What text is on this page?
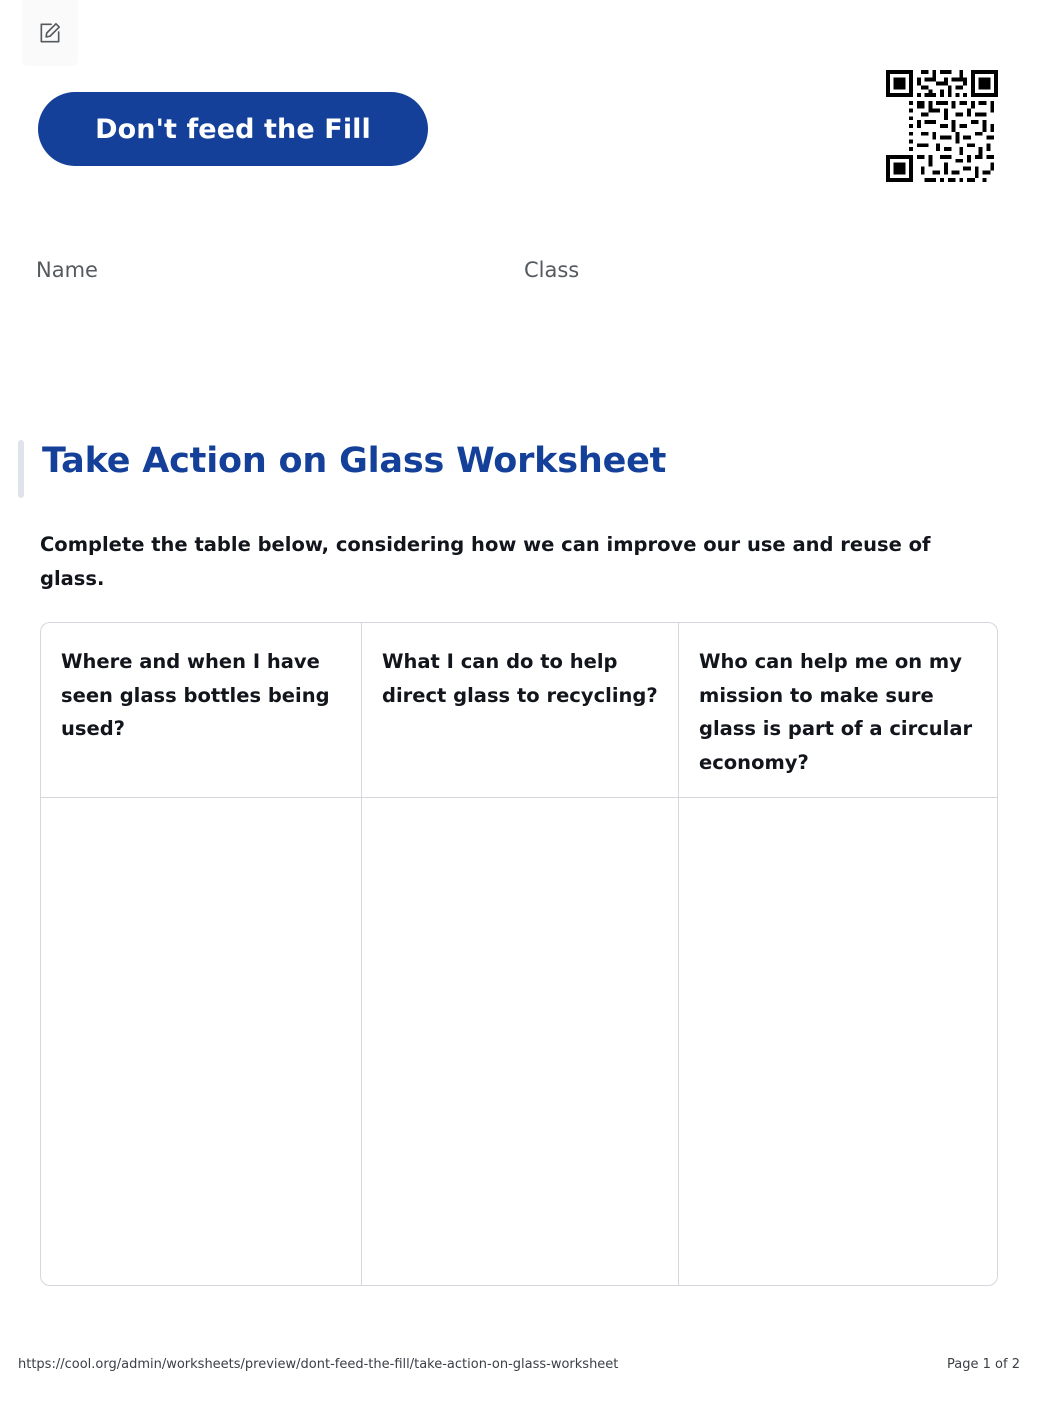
Don't feed the Fill
Name	Class
Take Action on Glass Worksheet
Complete the table below, considering how we can improve our use and reuse of glass.
Where and when I have seen glass bottles being used?
What I can do to help direct glass to recycling?
Who can help me on my mission to make sure glass is part of a circular economy?
https://cool.org/admin/worksheets/preview/dont-feed-the-fill/take-action-on-glass-worksheet	Page 1 of 2
